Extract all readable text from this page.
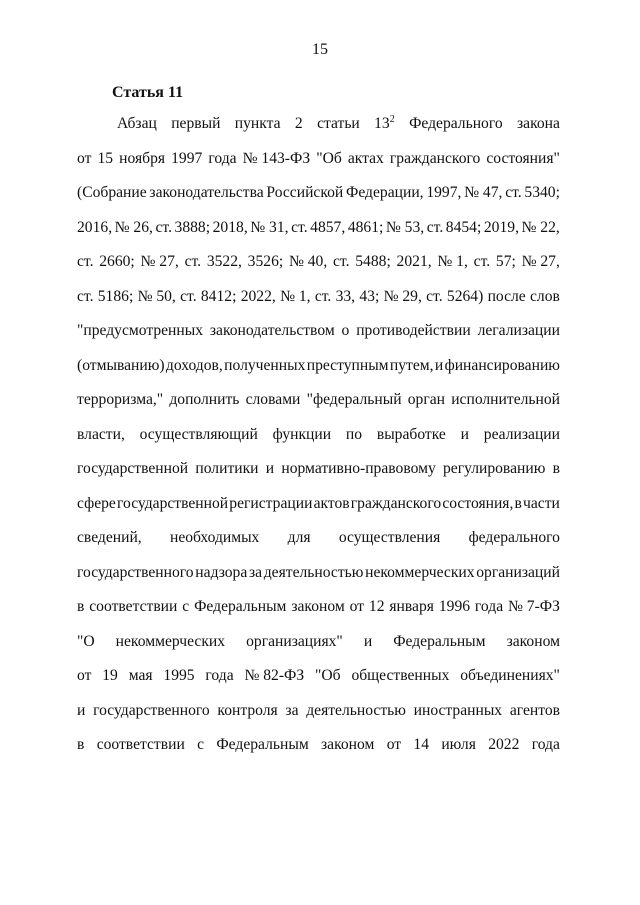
15
Статья 11
Абзац первый пункта 2 статьи $13^2$ Федерального закона
от 15 ноября 1997 года № 143-ФЗ "Об актах гражданского состояния"
(Собрание законодательства Российской Федерации, 1997, № 47, ст. 5340;
2016, № 26, ст. 3888; 2018, № 31, ст. 4857, 4861; № 53, ст. 8454; 2019, № 22,
ст. 2660; № 27, ст. 3522, 3526; № 40, ст. 5488; 2021, № 1, ст. 57; № 27,
ст. 5186; № 50, ст. 8412; 2022, № 1, ст. 33, 43; № 29, ст. 5264) после слов
"предусмотренных законодательством о противодействии легализации
(отмыванию) доходов, полученных преступным путем, и финансированию
терроризма," дополнить словами "федеральный орган исполнительной
власти, осуществляющий функции по выработке и реализации
государственной политики и нормативно-правовому регулированию в
сфере государственной регистрации актов гражданского состояния, в части
сведений, необходимых для осуществления федерального
государственного надзора за деятельностью некоммерческих организаций
в соответствии с Федеральным законом от 12 января 1996 года № 7-ФЗ
"О некоммерческих организациях" и Федеральным законом
от 19 мая 1995 года № 82-ФЗ "Об общественных объединениях"
и государственного контроля за деятельностью иностранных агентов
в соответствии с Федеральным законом от 14 июля 2022 года
